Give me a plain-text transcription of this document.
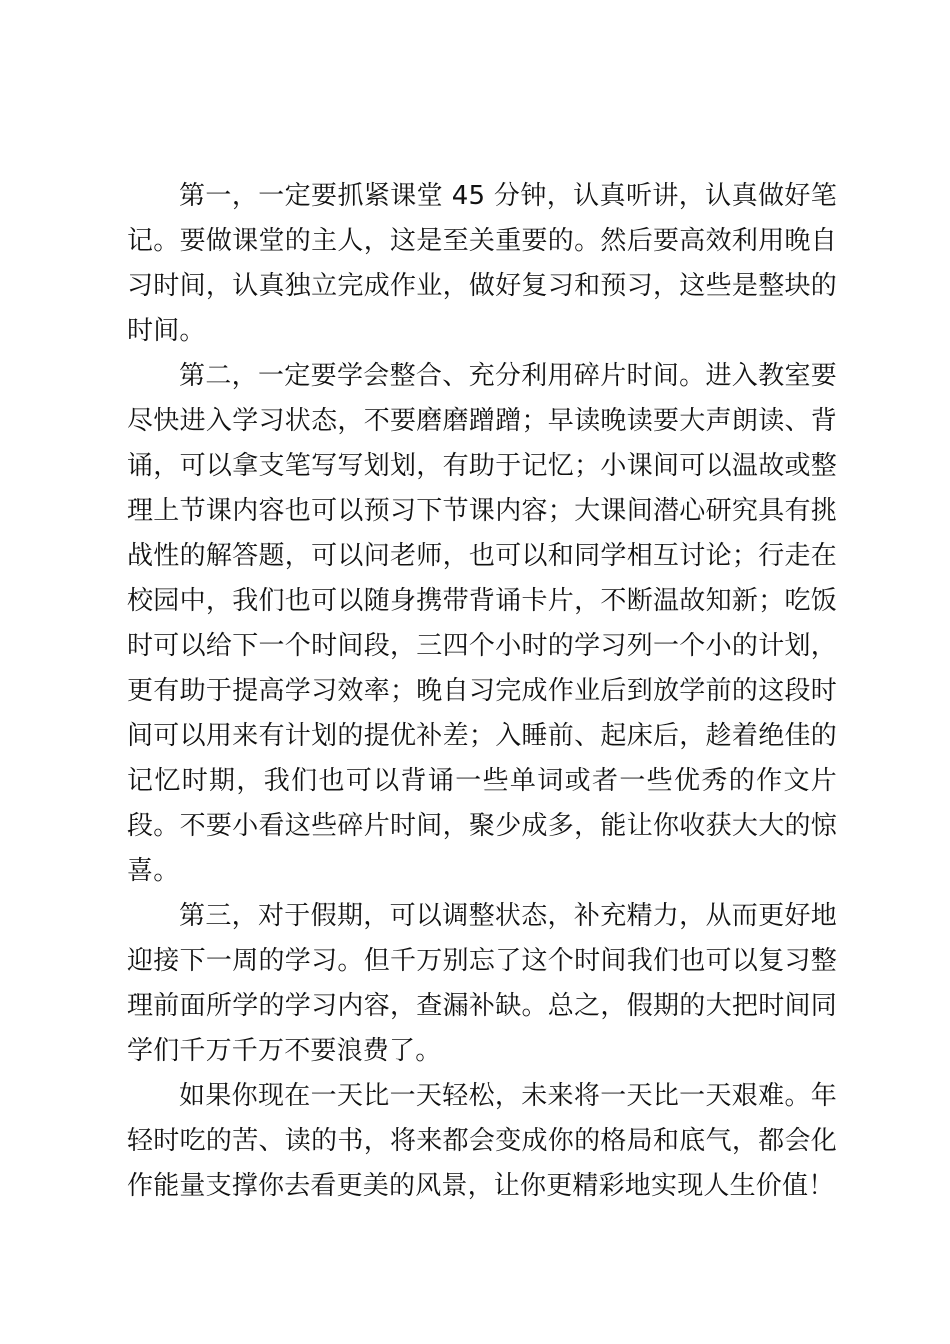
第一，一定要抓紧课堂 45 分钟，认真听讲，认真做好笔记。要做课堂的主人，这是至关重要的。然后要高效利用晚自习时间，认真独立完成作业，做好复习和预习，这些是整块的时间。

第二，一定要学会整合、充分利用碎片时间。进入教室要尽快进入学习状态，不要磨磨蹭蹭；早读晚读要大声朗读、背诵，可以拿支笔写写划划，有助于记忆；小课间可以温故或整理上节课内容也可以预习下节课内容；大课间潜心研究具有挑战性的解答题，可以问老师，也可以和同学相互讨论；行走在校园中，我们也可以随身携带背诵卡片，不断温故知新；吃饭时可以给下一个时间段，三四个小时的学习列一个小的计划，更有助于提高学习效率；晚自习完成作业后到放学前的这段时间可以用来有计划的提优补差；入睡前、起床后，趁着绝佳的记忆时期，我们也可以背诵一些单词或者一些优秀的作文片段。不要小看这些碎片时间，聚少成多，能让你收获大大的惊喜。

第三，对于假期，可以调整状态，补充精力，从而更好地迎接下一周的学习。但千万别忘了这个时间我们也可以复习整理前面所学的学习内容，查漏补缺。总之，假期的大把时间同学们千万千万不要浪费了。

如果你现在一天比一天轻松，未来将一天比一天艰难。年轻时吃的苦、读的书，将来都会变成你的格局和底气，都会化作能量支撑你去看更美的风景，让你更精彩地实现人生价值！
